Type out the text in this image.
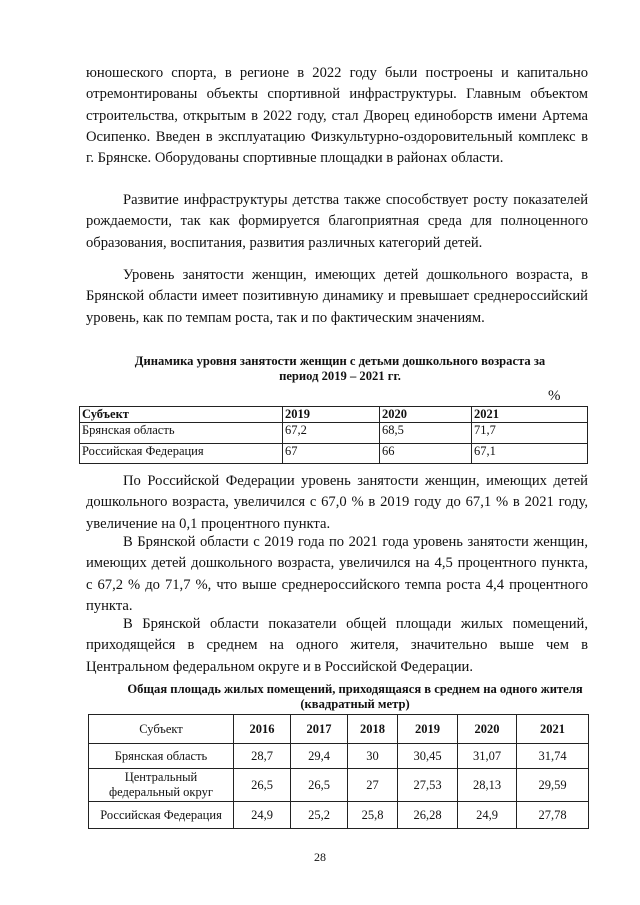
юношеского спорта, в регионе в 2022 году были построены и капитально отремонтированы объекты спортивной инфраструктуры. Главным объектом строительства, открытым в 2022 году, стал Дворец единоборств имени Артема Осипенко. Введен в эксплуатацию Физкультурно-оздоровительный комплекс в г. Брянске. Оборудованы спортивные площадки в районах области.

Развитие инфраструктуры детства также способствует росту показателей рождаемости, так как формируется благоприятная среда для полноценного образования, воспитания, развития различных категорий детей.

Уровень занятости женщин, имеющих детей дошкольного возраста, в Брянской области имеет позитивную динамику и превышает среднероссийский уровень, как по темпам роста, так и по фактическим значениям.

Динамика уровня занятости женщин с детьми дошкольного возраста за период 2019 – 2021 гг.

%
Субъект	2019	2020	2021
Брянская область	67,2	68,5	71,7
Российская Федерация	67	66	67,1

По Российской Федерации уровень занятости женщин, имеющих детей дошкольного возраста, увеличился с 67,0 % в 2019 году до 67,1 % в 2021 году, увеличение на 0,1 процентного пункта.

В Брянской области с 2019 года по 2021 года уровень занятости женщин, имеющих детей дошкольного возраста, увеличился на 4,5 процентного пункта, с 67,2 % до 71,7 %, что выше среднероссийского темпа роста 4,4 процентного пункта.

В Брянской области показатели общей площади жилых помещений, приходящейся в среднем на одного жителя, значительно выше чем в Центральном федеральном округе и в Российской Федерации.

Общая площадь жилых помещений, приходящаяся в среднем на одного жителя (квадратный метр)

Субъект	2016	2017	2018	2019	2020	2021
Брянская область	28,7	29,4	30	30,45	31,07	31,74
Центральный федеральный округ	26,5	26,5	27	27,53	28,13	29,59
Российская Федерация	24,9	25,2	25,8	26,28	24,9	27,78
28
